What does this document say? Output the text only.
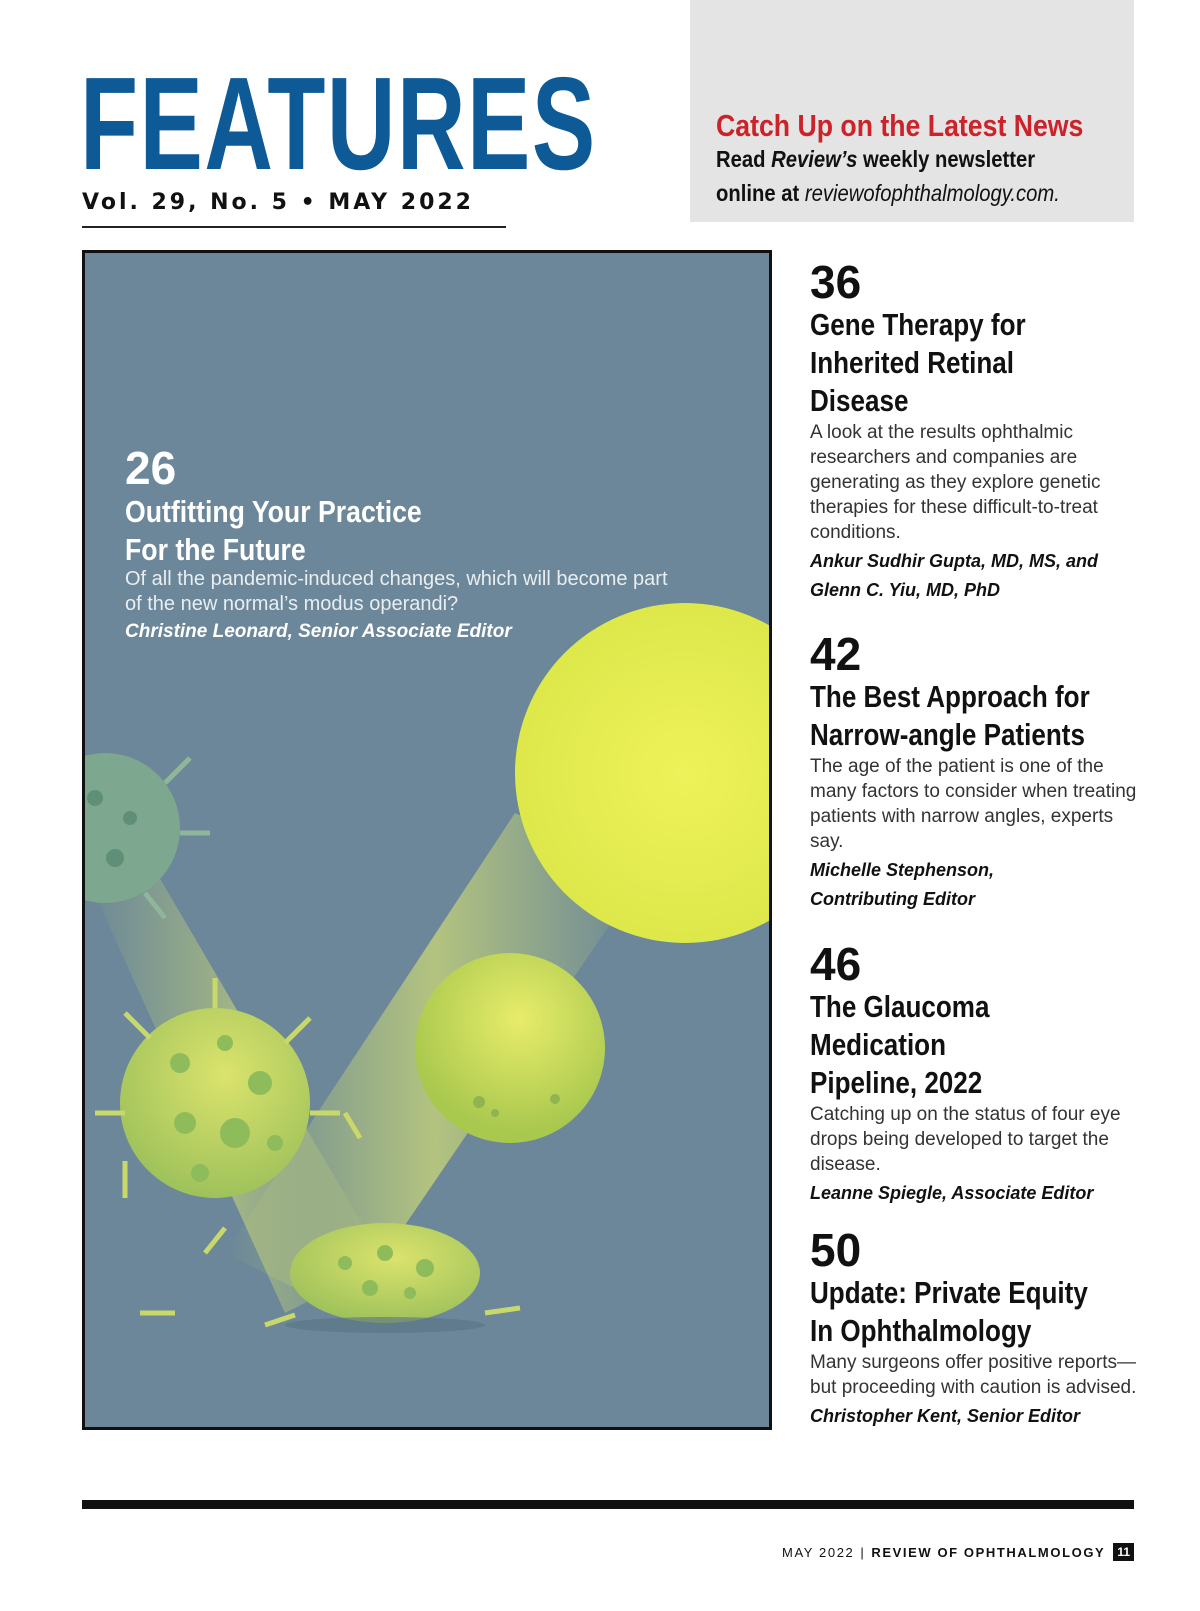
FEATURES
Vol. 29, No. 5 • MAY 2022
Catch Up on the Latest News
Read Review’s weekly newsletter
online at reviewofophthalmology.com.
26
Outfitting Your Practice
For the Future
Of all the pandemic-induced changes, which will become part of the new normal’s modus operandi?
Christine Leonard, Senior Associate Editor
36
Gene Therapy for
Inherited Retinal
Disease
A look at the results ophthalmic researchers and companies are generating as they explore genetic therapies for these difficult-to-treat conditions.
Ankur Sudhir Gupta, MD, MS, and
Glenn C. Yiu, MD, PhD
42
The Best Approach for
Narrow-angle Patients
The age of the patient is one of the many factors to consider when treating patients with narrow angles, experts say.
Michelle Stephenson,
Contributing Editor
46
The Glaucoma
Medication
Pipeline, 2022
Catching up on the status of four eye drops being developed to target the disease.
Leanne Spiegle, Associate Editor
50
Update: Private Equity
In Ophthalmology
Many surgeons offer positive reports—but proceeding with caution is advised.
Christopher Kent, Senior Editor
MAY 2022 | REVIEW OF OPHTHALMOLOGY	11
